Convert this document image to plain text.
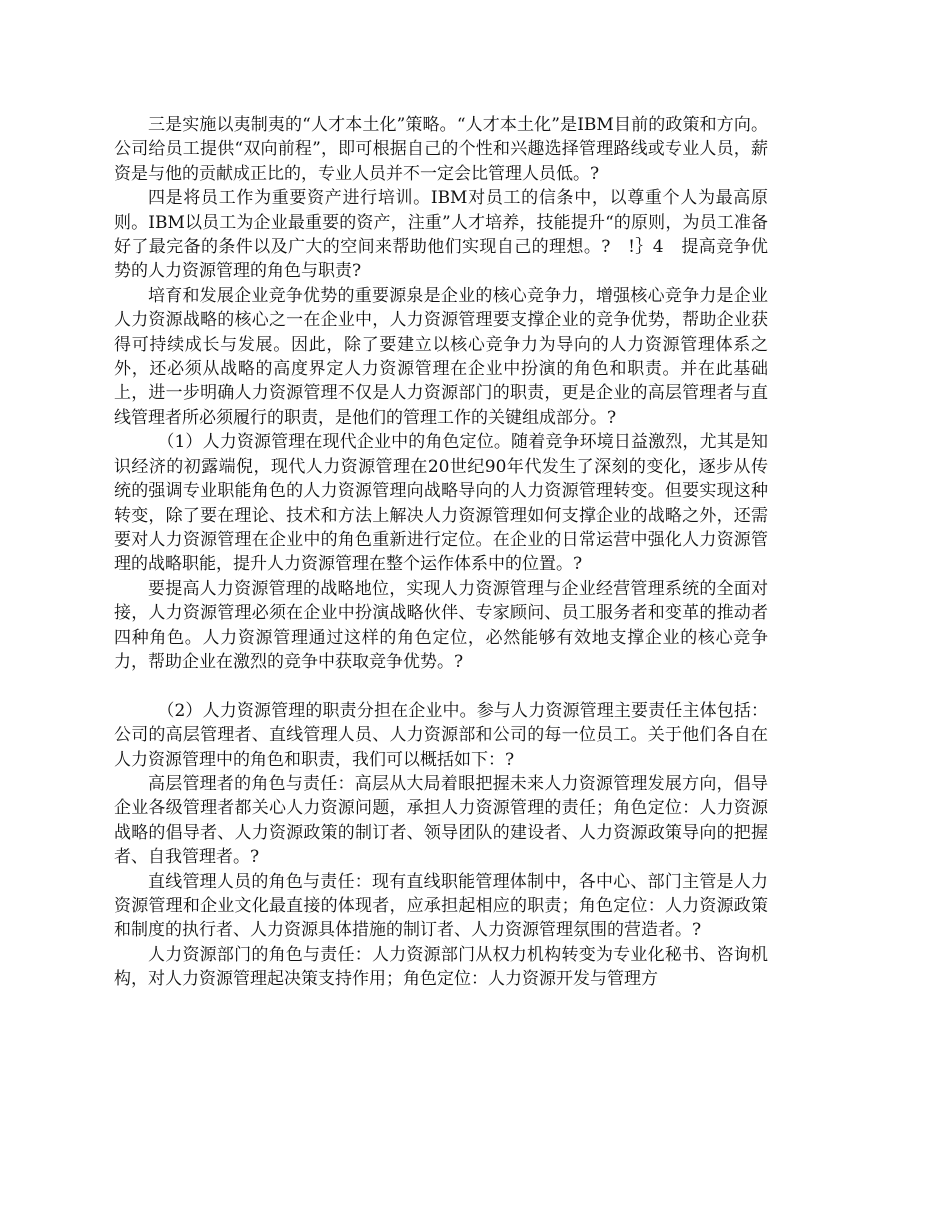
三是实施以夷制夷的“人才本土化”策略。“人才本土化”是IBM目前的政策和方向。公司给员工提供“双向前程”，即可根据自己的个性和兴趣选择管理路线或专业人员，薪资是与他的贡献成正比的，专业人员并不一定会比管理人员低。?

四是将员工作为重要资产进行培训。IBM对员工的信条中，以尊重个人为最高原则。IBM以员工为企业最重要的资产，注重”人才培养，技能提升“的原则，为员工准备好了最完备的条件以及广大的空间来帮助他们实现自己的理想。?　!｝4　提高竞争优势的人力资源管理的角色与职责?

培育和发展企业竞争优势的重要源泉是企业的核心竞争力，增强核心竞争力是企业人力资源战略的核心之一在企业中，人力资源管理要支撑企业的竞争优势，帮助企业获得可持续成长与发展。因此，除了要建立以核心竞争力为导向的人力资源管理体系之外，还必须从战略的高度界定人力资源管理在企业中扮演的角色和职责。并在此基础上，进一步明确人力资源管理不仅是人力资源部门的职责，更是企业的高层管理者与直线管理者所必须履行的职责，是他们的管理工作的关键组成部分。?

（1）人力资源管理在现代企业中的角色定位。随着竞争环境日益激烈，尤其是知识经济的初露端倪，现代人力资源管理在20世纪90年代发生了深刻的变化，逐步从传统的强调专业职能角色的人力资源管理向战略导向的人力资源管理转变。但要实现这种转变，除了要在理论、技术和方法上解决人力资源管理如何支撑企业的战略之外，还需要对人力资源管理在企业中的角色重新进行定位。在企业的日常运营中强化人力资源管理的战略职能，提升人力资源管理在整个运作体系中的位置。?

要提高人力资源管理的战略地位，实现人力资源管理与企业经营管理系统的全面对接，人力资源管理必须在企业中扮演战略伙伴、专家顾问、员工服务者和变革的推动者四种角色。人力资源管理通过这样的角色定位，必然能够有效地支撑企业的核心竞争力，帮助企业在激烈的竞争中获取竞争优势。?

（2）人力资源管理的职责分担在企业中。参与人力资源管理主要责任主体包括：公司的高层管理者、直线管理人员、人力资源部和公司的每一位员工。关于他们各自在人力资源管理中的角色和职责，我们可以概括如下：?

高层管理者的角色与责任：高层从大局着眼把握未来人力资源管理发展方向，倡导企业各级管理者都关心人力资源问题，承担人力资源管理的责任；角色定位：人力资源战略的倡导者、人力资源政策的制订者、领导团队的建设者、人力资源政策导向的把握者、自我管理者。?

直线管理人员的角色与责任：现有直线职能管理体制中，各中心、部门主管是人力资源管理和企业文化最直接的体现者，应承担起相应的职责；角色定位：人力资源政策和制度的执行者、人力资源具体措施的制订者、人力资源管理氛围的营造者。?

人力资源部门的角色与责任：人力资源部门从权力机构转变为专业化秘书、咨询机构，对人力资源管理起决策支持作用；角色定位：人力资源开发与管理方
